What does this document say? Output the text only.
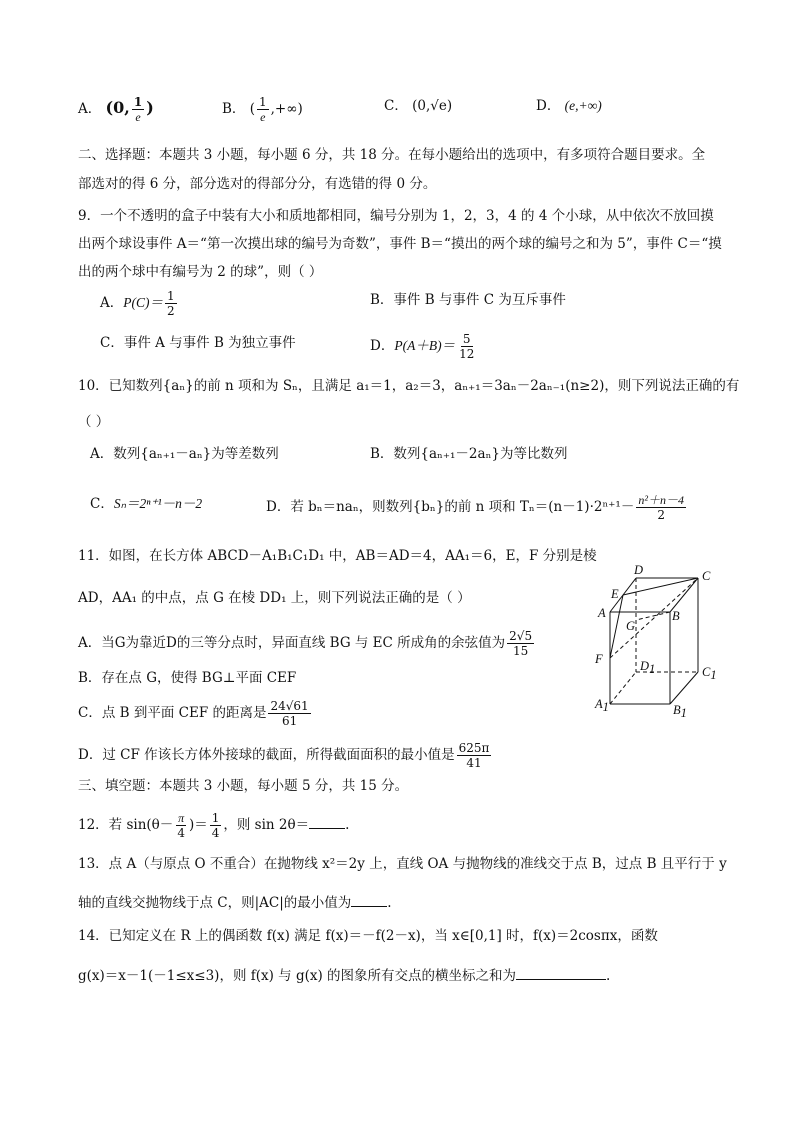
A． (0, $\frac{1}{e}$ )	B． ( $\frac{1}{e}$ ,+∞)	C． (0,√e)	D． (e,+∞)
二、选择题：本题共 3 小题，每小题 6 分，共 18 分。在每小题给出的选项中，有多项符合题目要求。全
部选对的得 6 分，部分选对的得部分分，有选错的得 0 分。
9．一个不透明的盒子中装有大小和质地都相同，编号分别为 1，2，3，4 的 4 个小球，从中依次不放回摸
出两个球设事件 A＝“第一次摸出球的编号为奇数”，事件 B＝“摸出的两个球的编号之和为 5”，事件 C＝“摸
出的两个球中有编号为 2 的球”，则（ ）
A．$P(C)= \frac{1}{2}$	B．事件 B 与事件 C 为互斥事件
C．事件 A 与事件 B 为独立事件	D．$P(A+B)= \frac{5}{12}$
10．已知数列{aₙ}的前 n 项和为 Sₙ，且满足 a₁＝1，a₂＝3，aₙ₊₁＝3aₙ－2aₙ₋₁(n≥2)，则下列说法正确的有
（ ）
A．数列{aₙ₊₁－aₙ}为等差数列	B．数列{aₙ₊₁－2aₙ}为等比数列
C．Sₙ＝2ⁿ⁺¹－n－2	D．若 bₙ＝naₙ，则数列{bₙ}的前 n 项和 $T_n=(n-1)\cdot 2^{n+1}- \frac{\text{n²＋n－4}}{2}$
11．如图，在长方体 ABCD－A₁B₁C₁D₁ 中，AB＝AD＝4，AA₁＝6，E，F 分别是棱
AD，AA₁ 的中点，点 G 在棱 DD₁ 上，则下列说法正确的是（ ）
A．当G为靠近D的三等分点时，异面直线 BG 与 EC 所成角的余弦值为 $\frac{2√5}{15}$
B．存在点 G，使得 BG⊥平面 CEF
C．点 B 到平面 CEF 的距离是 $\frac{24√61}{61}$
D．过 CF 作该长方体外接球的截面，所得截面面积的最小值是 $\frac{625\pi}{41}$
D	C
E
A	B
G
F	D1	C1
A1	B1
三、填空题：本题共 3 小题，每小题 5 分，共 15 分。
12．若 $\sin(\theta- \frac{\pi}{4}$ )＝ $\frac{1}{4}$ ，则 sin 2θ＝	.
13．点 A（与原点 O 不重合）在抛物线 x²＝2y 上，直线 OA 与抛物线的准线交于点 B，过点 B 且平行于 y
轴的直线交抛物线于点 C，则|AC|的最小值为	.
14．已知定义在 R 上的偶函数 f(x) 满足 f(x)＝－f(2－x)，当 x∈[0,1] 时，f(x)＝2cosπx，函数
g(x)＝x－1(－1≤x≤3)，则 f(x) 与 g(x) 的图象所有交点的横坐标之和为	.
